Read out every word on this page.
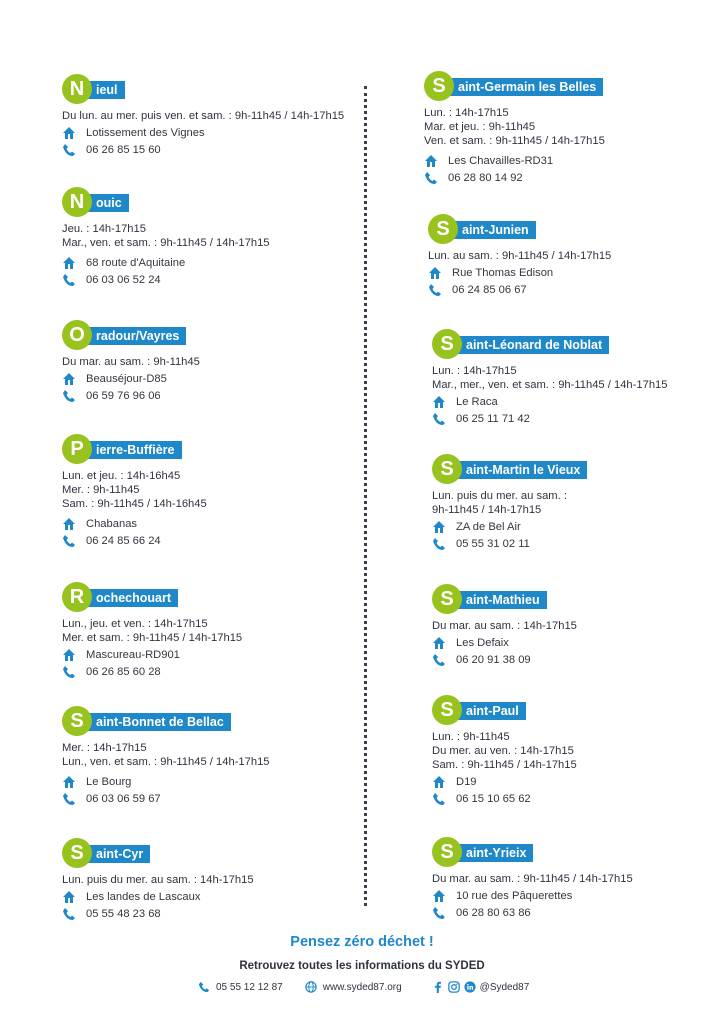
N ieul
Du lun. au mer. puis ven. et sam. : 9h-11h45 / 14h-17h15
Lotissement des Vignes
06 26 85 15 60
N ouic
Jeu. : 14h-17h15
Mar., ven. et sam. : 9h-11h45 / 14h-17h15
68 route d'Aquitaine
06 03 06 52 24
O radour/Vayres
Du mar. au sam. : 9h-11h45
Beauséjour-D85
06 59 76 96 06
P ierre-Buffière
Lun. et jeu. : 14h-16h45
Mer. : 9h-11h45
Sam. : 9h-11h45 / 14h-16h45
Chabanas
06 24 85 66 24
R ochechouart
Lun., jeu. et ven. : 14h-17h15
Mer. et sam. : 9h-11h45 / 14h-17h15
Mascureau-RD901
06 26 85 60 28
S aint-Bonnet de Bellac
Mer. : 14h-17h15
Lun., ven. et sam. : 9h-11h45 / 14h-17h15
Le Bourg
06 03 06 59 67
S aint-Cyr
Lun. puis du mer. au sam. : 14h-17h15
Les landes de Lascaux
05 55 48 23 68
S aint-Germain les Belles
Lun. : 14h-17h15
Mar. et jeu. : 9h-11h45
Ven. et sam. : 9h-11h45 / 14h-17h15
Les Chavailles-RD31
06 28 80 14 92
S aint-Junien
Lun. au sam. : 9h-11h45 / 14h-17h15
Rue Thomas Edison
06 24 85 06 67
S aint-Léonard de Noblat
Lun. : 14h-17h15
Mar., mer., ven. et sam. : 9h-11h45 / 14h-17h15
Le Raca
06 25 11 71 42
S aint-Martin le Vieux
Lun. puis du mer. au sam. :
9h-11h45 / 14h-17h15
ZA de Bel Air
05 55 31 02 11
S aint-Mathieu
Du mar. au sam. : 14h-17h15
Les Defaix
06 20 91 38 09
S aint-Paul
Lun. : 9h-11h45
Du mer. au ven. : 14h-17h15
Sam. : 9h-11h45 / 14h-17h15
D19
06 15 10 65 62
S aint-Yrieix
Du mar. au sam. : 9h-11h45 / 14h-17h15
10 rue des Pâquerettes
06 28 80 63 86
Pensez zéro déchet !
Retrouvez toutes les informations du SYDED
05 55 12 12 87	www.syded87.org	@Syded87
